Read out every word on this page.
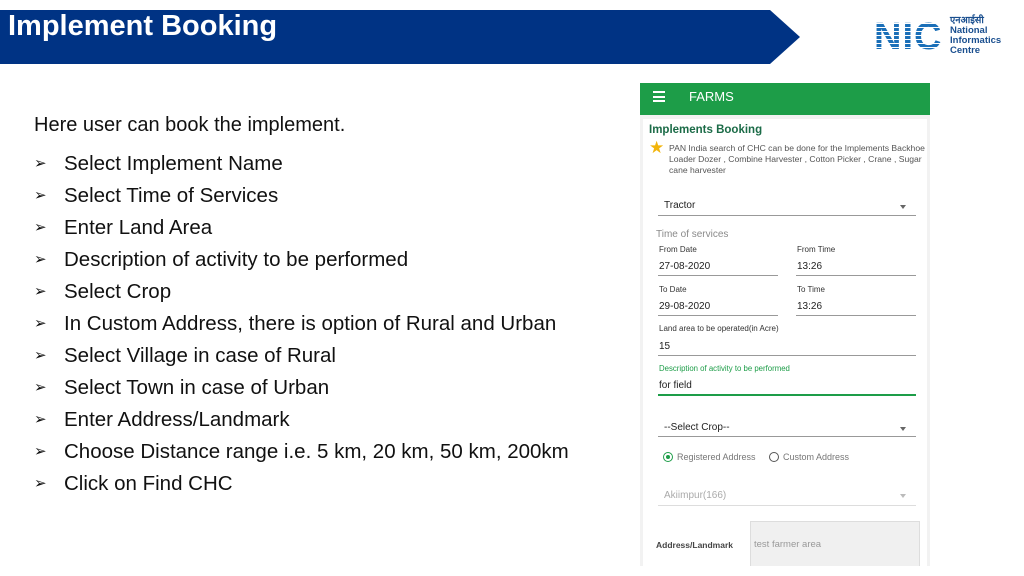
Implement Booking	NIC एनआईसी
National
Informatics
Centre
Here user can book the implement.
➢ Select Implement Name
➢ Select Time of Services
➢ Enter Land Area
➢ Description of activity to be performed
➢ Select Crop
➢ In Custom Address, there is option of Rural and Urban
➢ Select Village in case of Rural
➢ Select Town in case of Urban
➢ Enter Address/Landmark
➢ Choose Distance range i.e. 5 km, 20 km, 50 km, 200km
➢ Click on Find CHC
FARMS
Implements Booking
★ PAN India search of CHC can be done for the Implements Backhoe Loader Dozer , Combine Harvester , Cotton Picker , Crane , Sugar cane harvester
Tractor
Time of services
From Date	From Time
27-08-2020	13:26
To Date	To Time
29-08-2020	13:26
Land area to be operated(in Acre)
15
Description of activity to be performed
for field
--Select Crop--
Registered Address	Custom Address
Akiimpur(166)
Address/Landmark test farmer area
